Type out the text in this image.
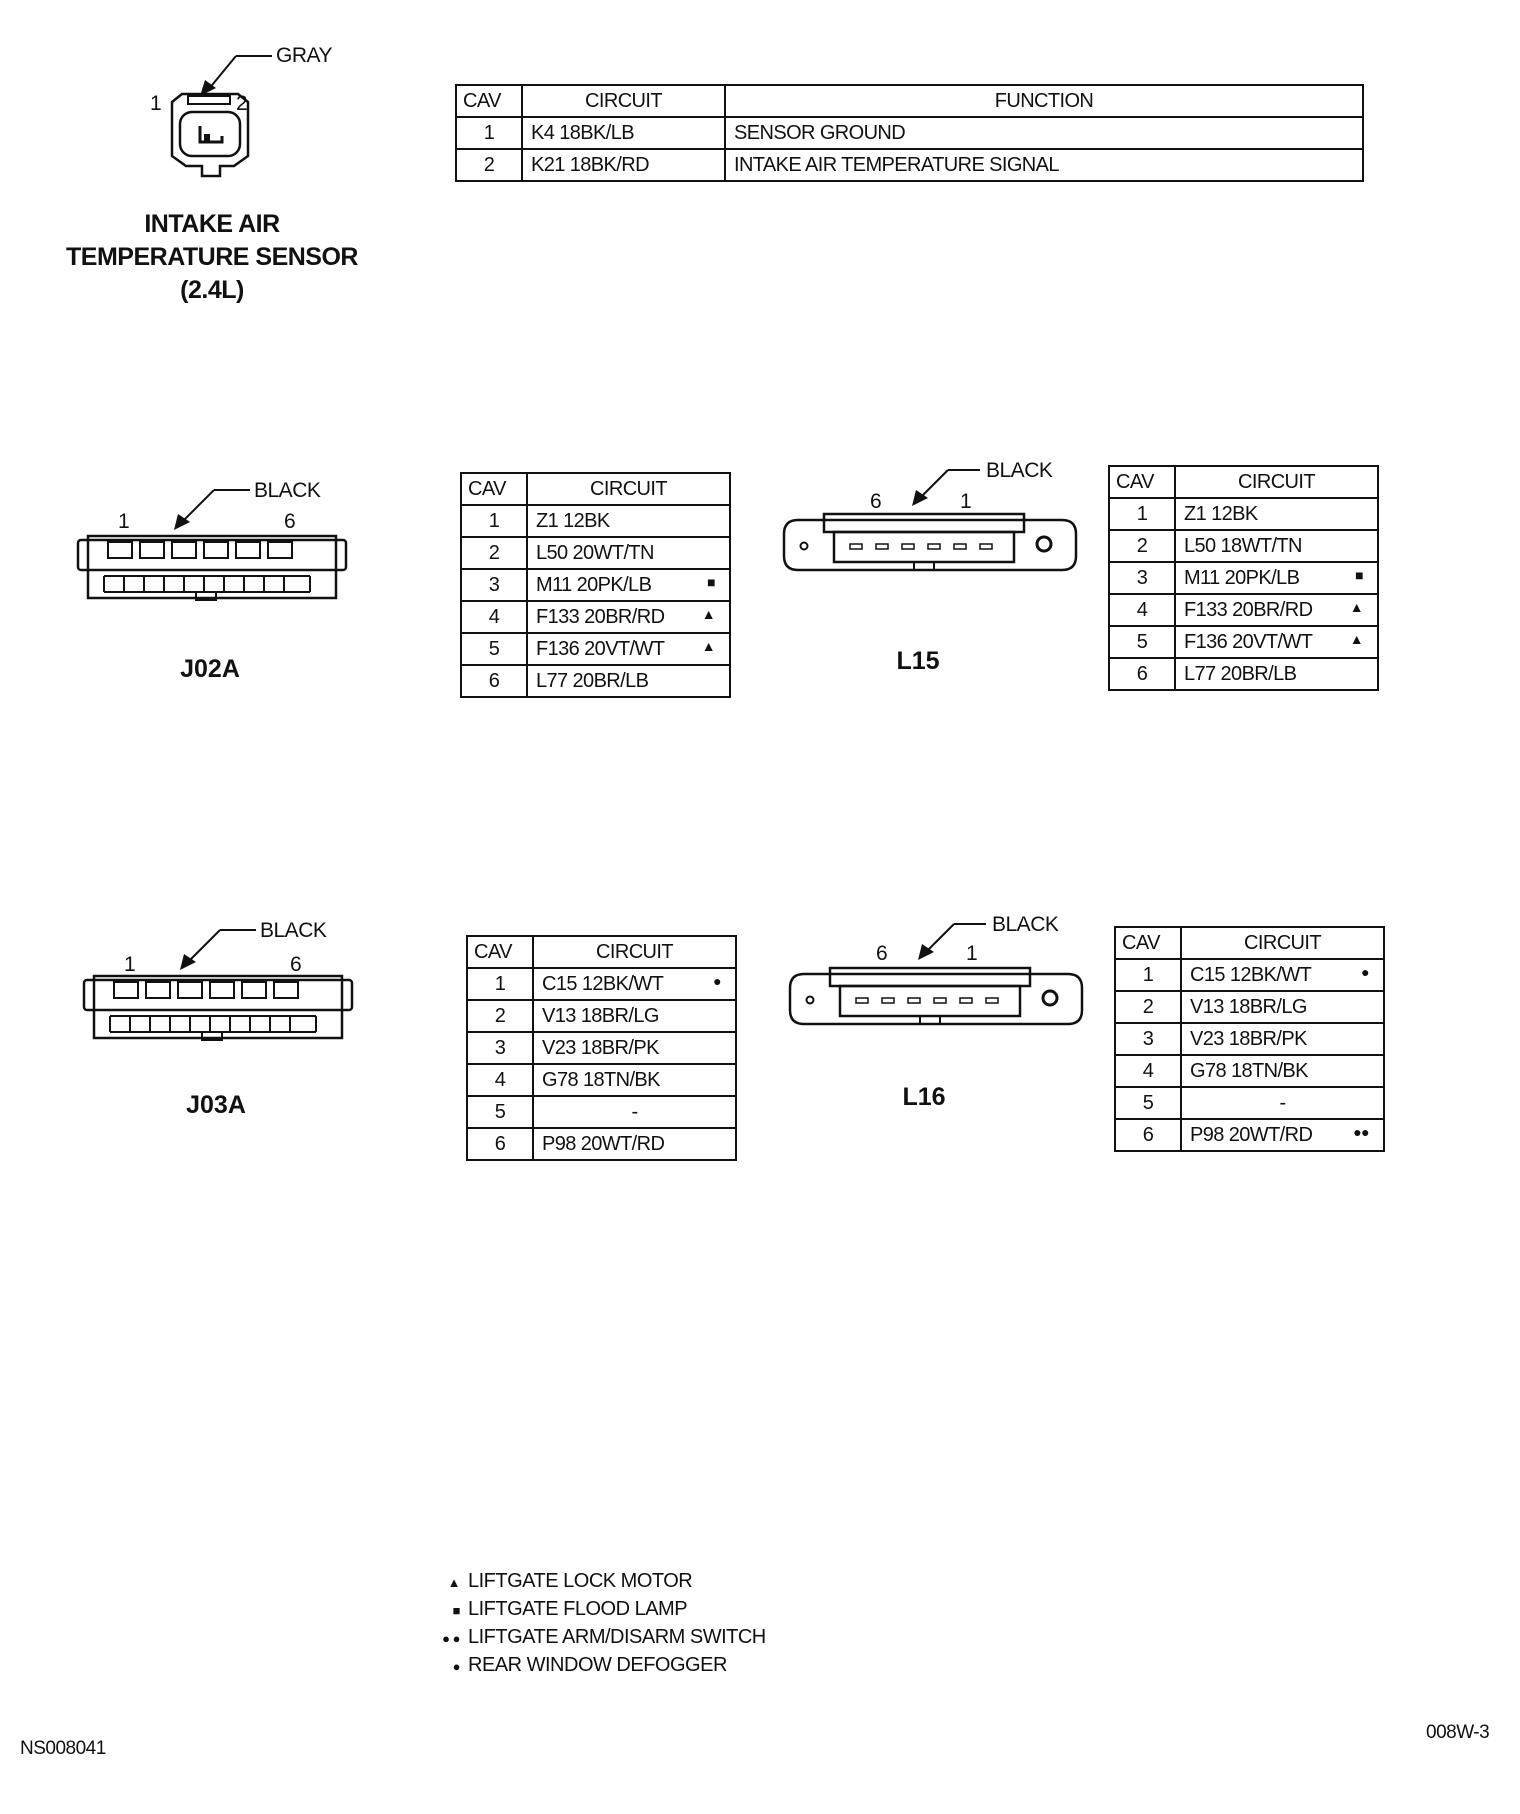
GRAY
1	2
INTAKE AIR
TEMPERATURE SENSOR
(2.4L)
CAV	CIRCUIT	FUNCTION
1	K4 18BK/LB	SENSOR GROUND
2	K21 18BK/RD	INTAKE AIR TEMPERATURE SIGNAL
BLACK
1	6
J02A
CAV	CIRCUIT
1	Z1 12BK

2	L50 20WT/TN

3	M11 20PK/LB ■

4	F133 20BR/RD ▲

5	F136 20VT/WT ▲

6	L77 20BR/LB
BLACK
6	1
L15
CAV	CIRCUIT
1	Z1 12BK

2	L50 18WT/TN

3	M11 20PK/LB ■

4	F133 20BR/RD ▲

5	F136 20VT/WT ▲

6	L77 20BR/LB
BLACK
1	6
J03A
CAV	CIRCUIT
1	C15 12BK/WT ●

2	V13 18BR/LG

3	V23 18BR/PK

4	G78 18TN/BK

5	-

6	P98 20WT/RD
BLACK
6	1
L16
CAV	CIRCUIT
1	C15 12BK/WT ●

2	V13 18BR/LG

3	V23 18BR/PK

4	G78 18TN/BK

5	-

6	P98 20WT/RD ●●
▲ LIFTGATE LOCK MOTOR
■ LIFTGATE FLOOD LAMP
● ● LIFTGATE ARM/DISARM SWITCH
● REAR WINDOW DEFOGGER
NS008041
008W-3
